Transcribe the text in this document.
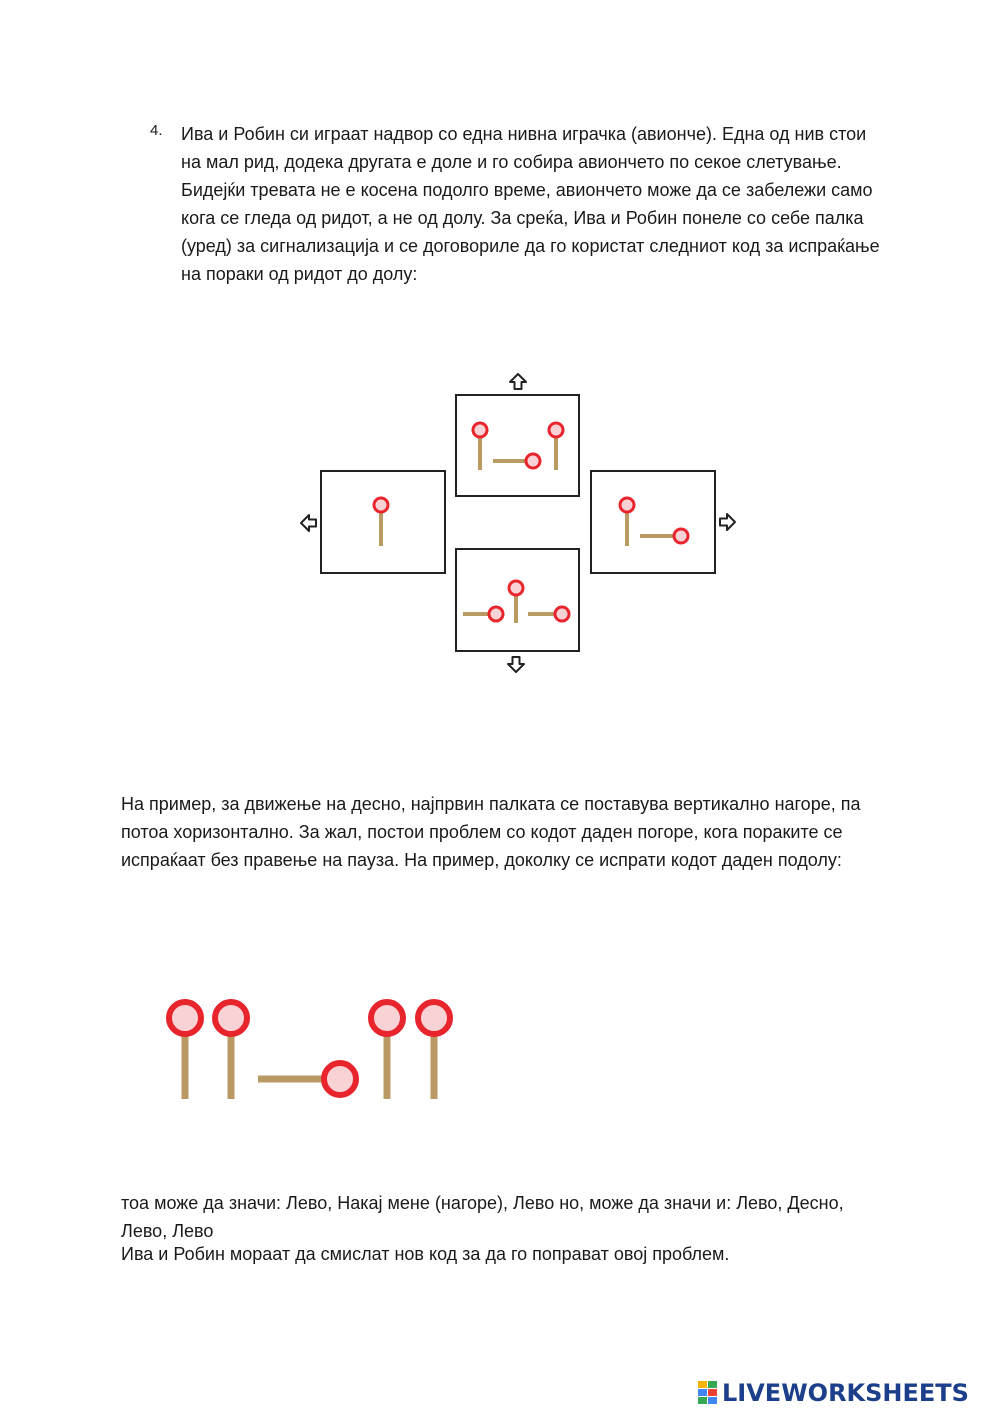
4. Ива и Робин си играат надвор со една нивна играчка (авионче). Една од нив стои на мал рид, додека другата е доле и го собира авиончето по секое слетување. Бидејќи тревата не е косена подолго време, авиончето може да се забележи само кога се гледа од ридот, а не од долу. За среќа, Ива и Робин понеле со себе палка (уред) за сигнализација и се договориле да го користат следниот код за испраќање на пораки од ридот до долу:

На пример, за движење на десно, најпрвин палката се поставува вертикално нагоре, па потоа хоризонтално. За жал, постои проблем со кодот даден погоре, кога пораките се испраќаат без правење на пауза. На пример, доколку се испрати кодот даден подолу:

тоа може да значи: Лево, Накај мене (нагоре), Лево но, може да значи и: Лево, Десно, Лево, Лево

Ива и Робин мораат да смислат нов код за да го поправат овој проблем.

LIVEWORKSHEETS
